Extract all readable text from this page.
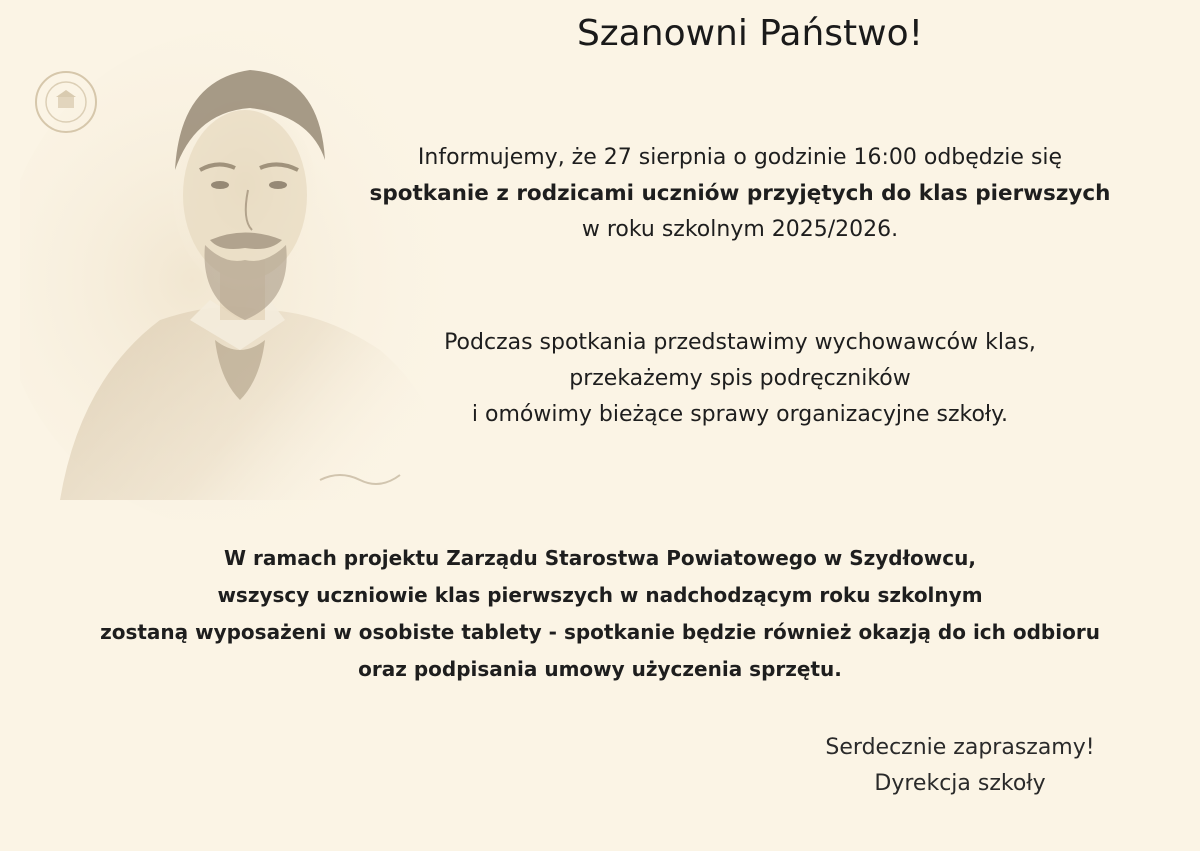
Szanowni Państwo!
Informujemy, że 27 sierpnia o godzinie 16:00 odbędzie się
spotkanie z rodzicami uczniów przyjętych do klas pierwszych
w roku szkolnym 2025/2026.
Podczas spotkania przedstawimy wychowawców klas,
przekażemy spis podręczników
i omówimy bieżące sprawy organizacyjne szkoły.
W ramach projektu Zarządu Starostwa Powiatowego w Szydłowcu,
wszyscy uczniowie klas pierwszych w nadchodzącym roku szkolnym
zostaną wyposażeni w osobiste tablety - spotkanie będzie również okazją do ich odbioru
oraz podpisania umowy użyczenia sprzętu.
Serdecznie zapraszamy!
Dyrekcja szkoły
